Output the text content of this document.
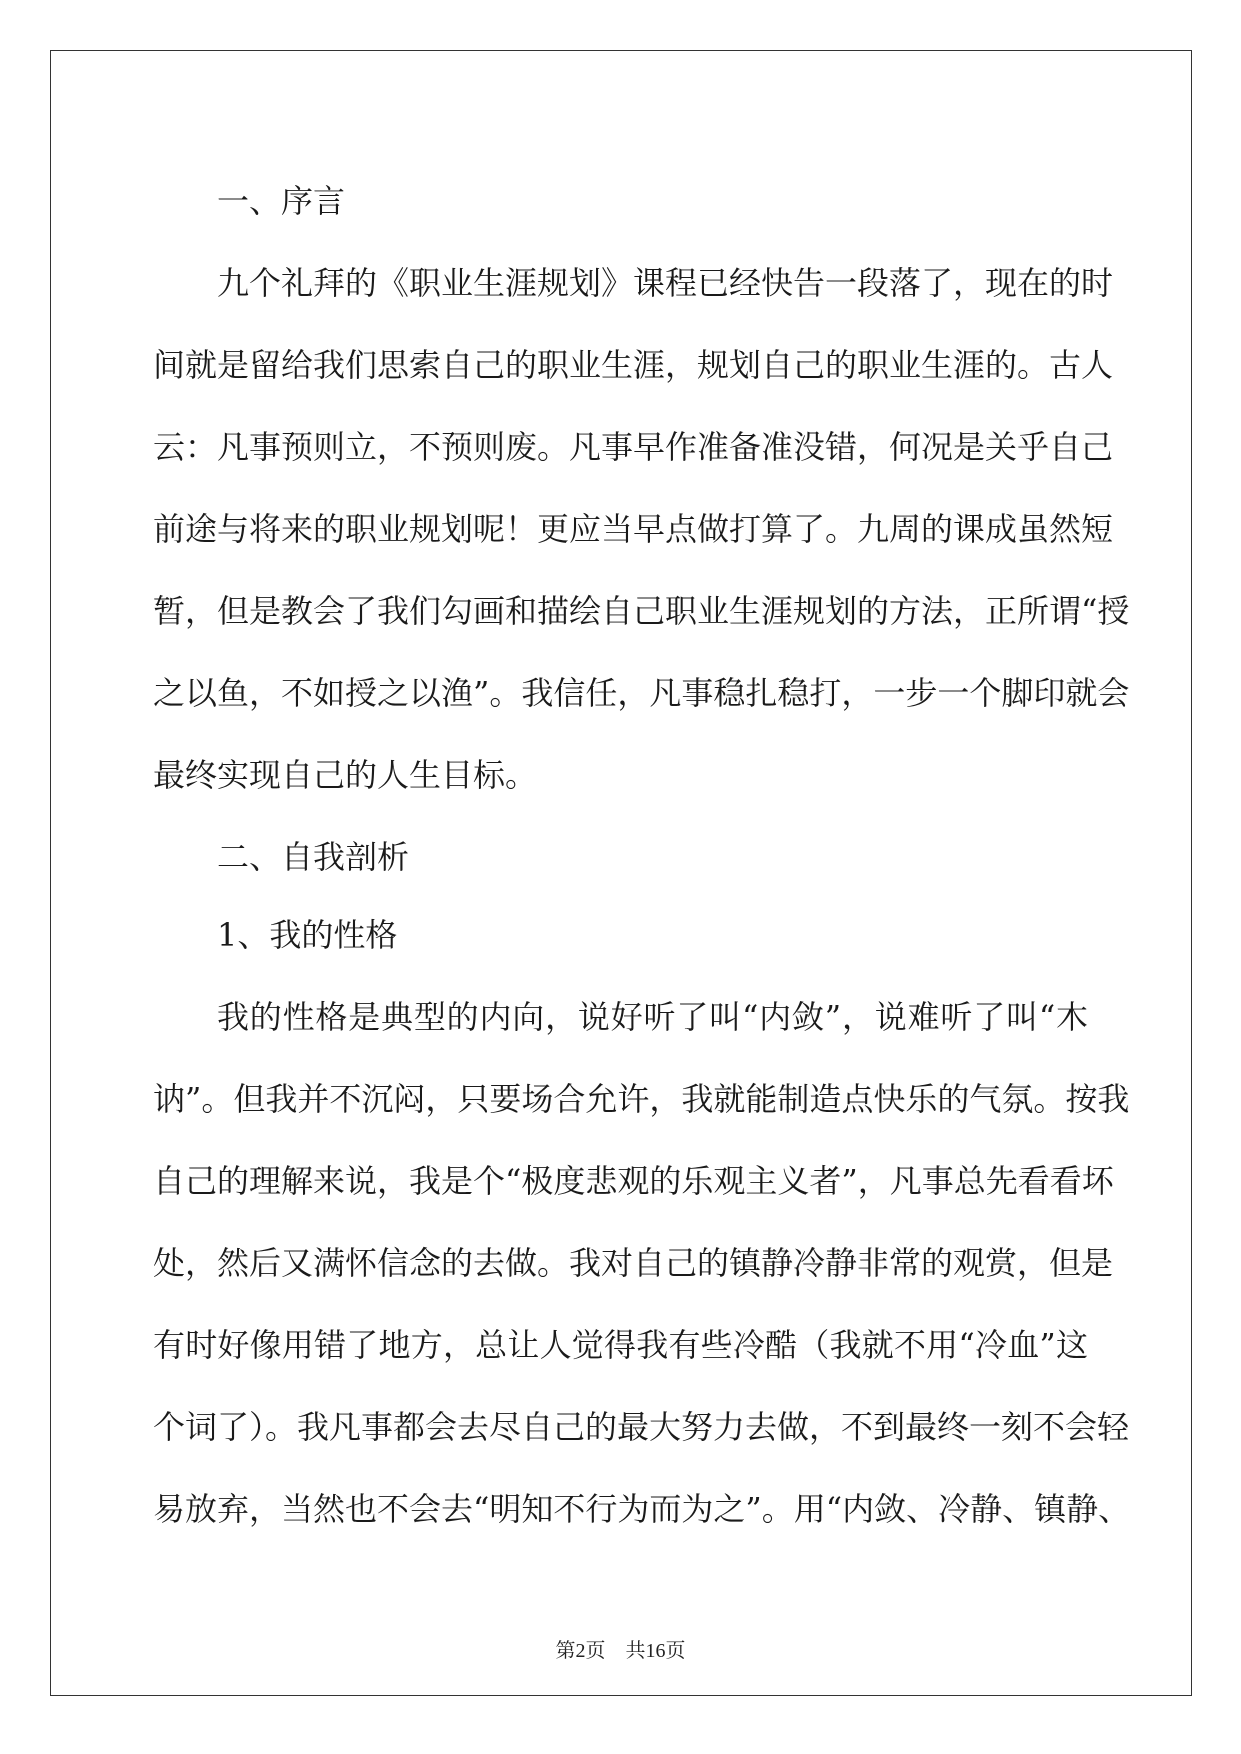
一、序言
九个礼拜的《职业生涯规划》课程已经快告一段落了，现在的时
间就是留给我们思索自己的职业生涯，规划自己的职业生涯的。古人
云：凡事预则立，不预则废。凡事早作准备准没错，何况是关乎自己
前途与将来的职业规划呢！更应当早点做打算了。九周的课成虽然短
暂，但是教会了我们勾画和描绘自己职业生涯规划的方法，正所谓“授
之以鱼，不如授之以渔”。我信任，凡事稳扎稳打，一步一个脚印就会
最终实现自己的人生目标。
二、自我剖析
1、我的性格
我的性格是典型的内向，说好听了叫“内敛”，说难听了叫“木
讷”。但我并不沉闷，只要场合允许，我就能制造点快乐的气氛。按我
自己的理解来说，我是个“极度悲观的乐观主义者”，凡事总先看看坏
处，然后又满怀信念的去做。我对自己的镇静冷静非常的观赏，但是
有时好像用错了地方，总让人觉得我有些冷酷（我就不用“冷血”这
个词了）。我凡事都会去尽自己的最大努力去做，不到最终一刻不会轻
易放弃，当然也不会去“明知不行为而为之”。用“内敛、冷静、镇静、
第2页　共16页
